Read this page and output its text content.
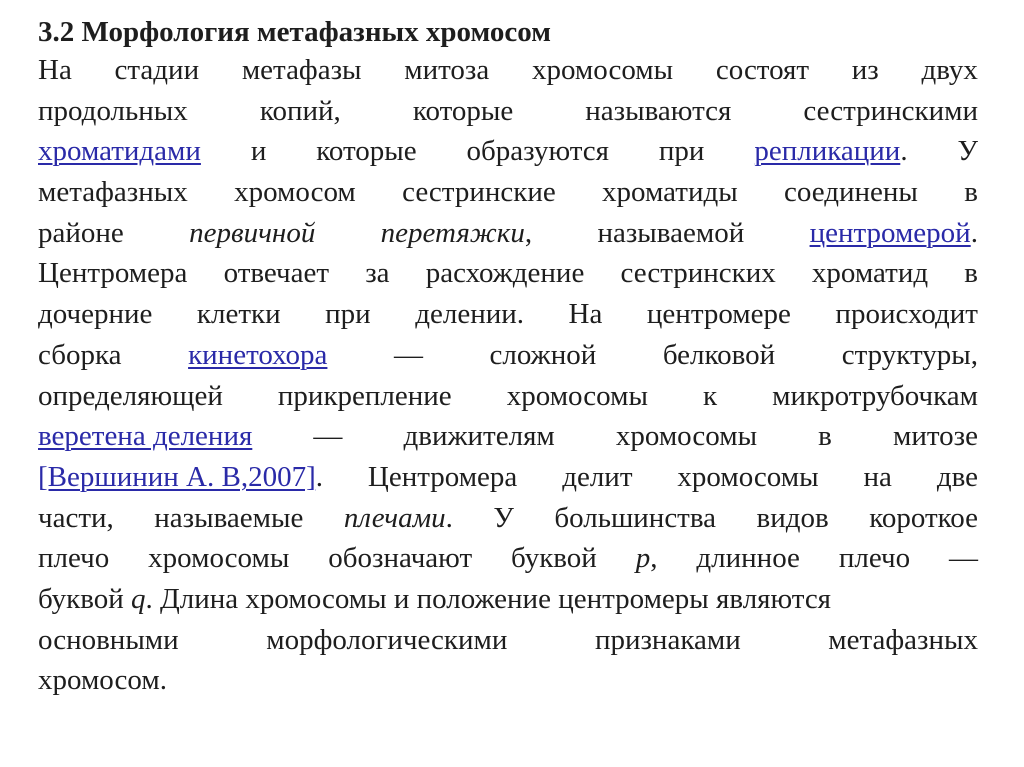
3.2 Морфология метафазных хромосом
На стадии метафазы митоза хромосомы состоят из двух
продольных копий, которые называются сестринскими
хроматидами и которые образуются при репликации. У
метафазных хромосом сестринские хроматиды соединены в
районе первичной перетяжки, называемой центромерой.
Центромера отвечает за расхождение сестринских хроматид в
дочерние клетки при делении. На центромере происходит
сборка кинетохора — сложной белковой структуры,
определяющей прикрепление хромосомы к микротрубочкам
веретена деления — движителям хромосомы в митозе
[Вершинин А. В,2007]. Центромера делит хромосомы на две
части, называемые плечами. У большинства видов короткое
плечо хромосомы обозначают буквой p, длинное плечо —
буквой q. Длина хромосомы и положение центромеры являются
основными	морфологическими	признаками	метафазных
хромосом.
